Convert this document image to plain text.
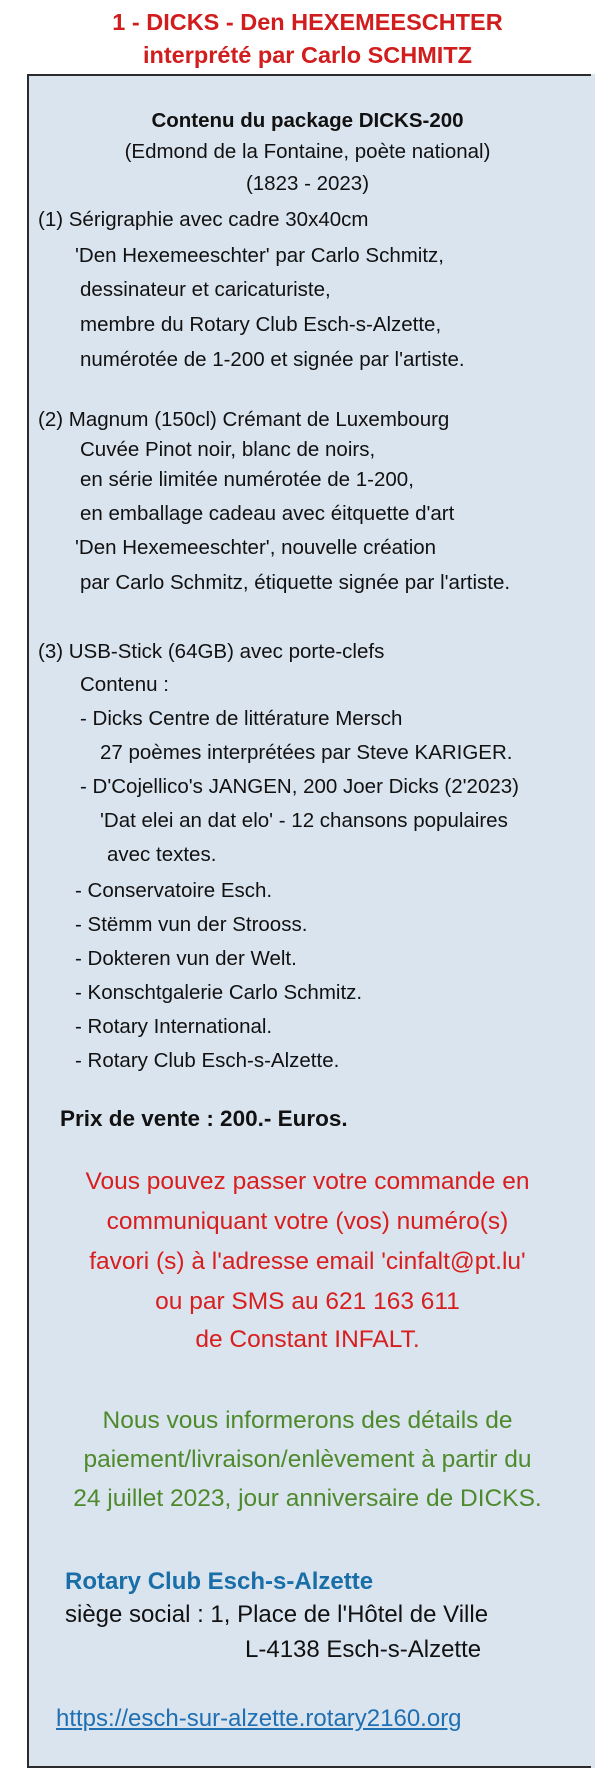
1 - DICKS - Den HEXEMEESCHTER
interprété par Carlo SCHMITZ
Contenu du package DICKS-200
(Edmond de la Fontaine, poète national)
(1823 - 2023)
(1) Sérigraphie avec cadre 30x40cm
'Den Hexemeeschter' par Carlo Schmitz,
dessinateur et caricaturiste,
membre du Rotary Club Esch-s-Alzette,
numérotée de 1-200 et signée par l'artiste.
(2) Magnum (150cl) Crémant de Luxembourg
Cuvée Pinot noir, blanc de noirs,
en série limitée numérotée de 1-200,
en emballage cadeau avec éitquette d'art
'Den Hexemeeschter', nouvelle création
par Carlo Schmitz, étiquette signée par l'artiste.
(3) USB-Stick (64GB) avec porte-clefs
Contenu :
- Dicks Centre de littérature Mersch
27 poèmes interprétées par Steve KARIGER.
- D'Cojellico's JANGEN, 200 Joer Dicks (2'2023)
'Dat elei an dat elo' - 12 chansons populaires
avec textes.
- Conservatoire Esch.
- Stëmm vun der Strooss.
- Dokteren vun der Welt.
- Konschtgalerie Carlo Schmitz.
- Rotary International.
- Rotary Club Esch-s-Alzette.
Prix de vente : 200.- Euros.
Vous pouvez passer votre commande en
communiquant votre (vos) numéro(s)
favori (s) à l'adresse email 'cinfalt@pt.lu'
ou par SMS au 621 163 611
de Constant INFALT.
Nous vous informerons des détails de
paiement/livraison/enlèvement à partir du
24 juillet 2023, jour anniversaire de DICKS.
Rotary Club Esch-s-Alzette
siège social : 1, Place de l'Hôtel de Ville
L-4138 Esch-s-Alzette
https://esch-sur-alzette.rotary2160.org
